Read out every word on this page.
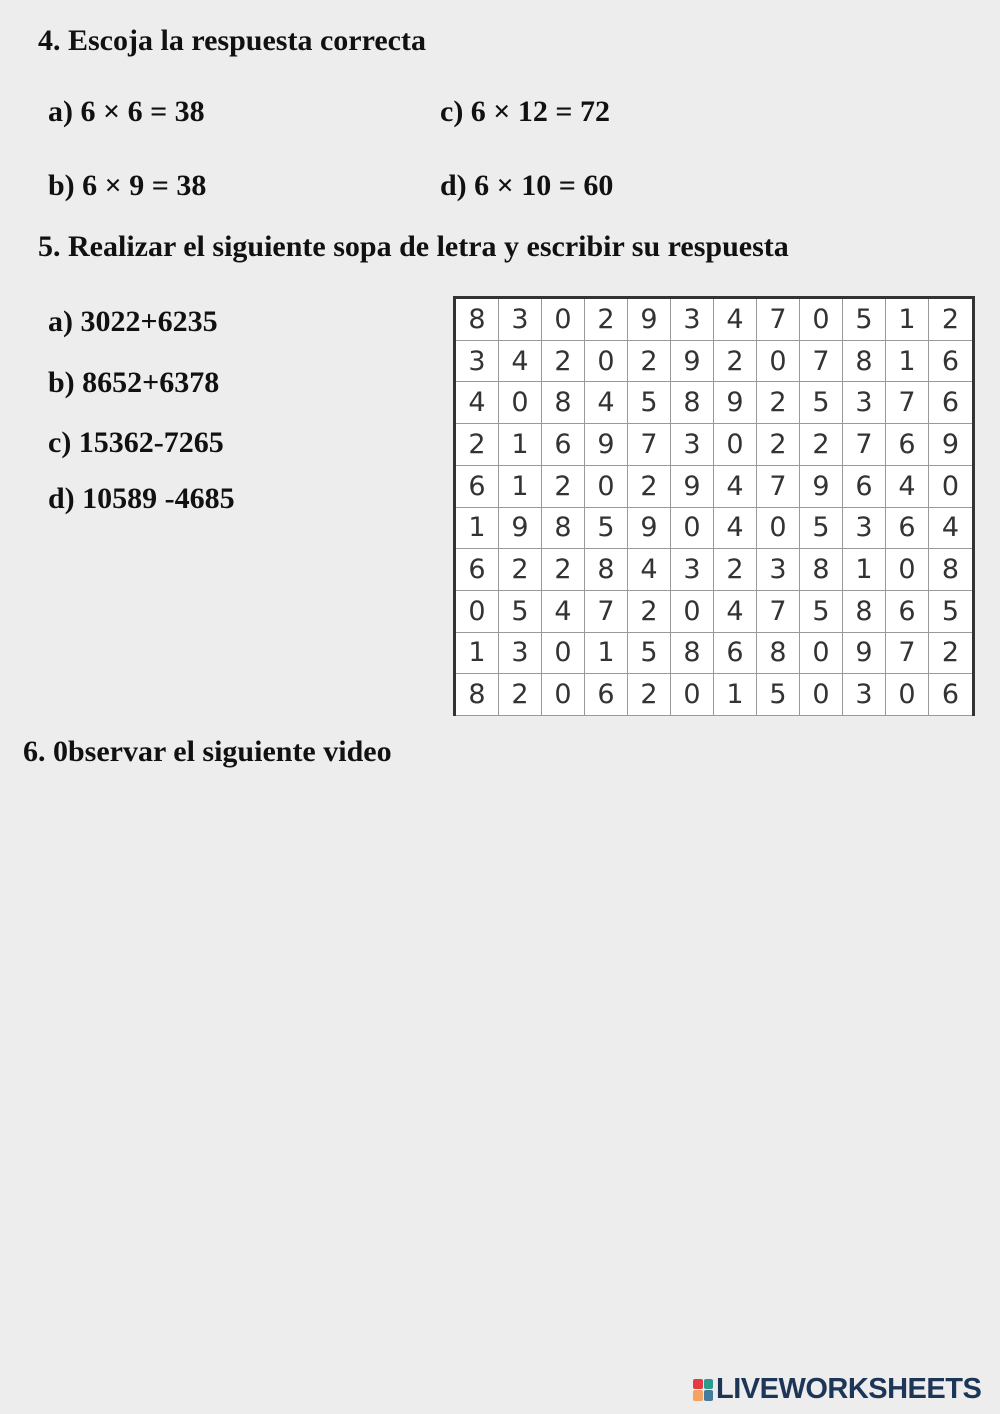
4. Escoja la respuesta correcta
a) 6 × 6 = 38	c) 6 × 12 = 72
b) 6 × 9 = 38	d) 6 × 10 = 60
5. Realizar el siguiente sopa de letra y escribir su respuesta
a) 3022+6235
b) 8652+6378
c) 15362-7265
d) 10589 -4685
8 3 0 2 9 3 4 7 0 5 1 2
3 4 2 0 2 9 2 0 7 8 1 6
4 0 8 4 5 8 9 2 5 3 7 6
2 1 6 9 7 3 0 2 2 7 6 9
6 1 2 0 2 9 4 7 9 6 4 0
1 9 8 5 9 0 4 0 5 3 6 4
6 2 2 8 4 3 2 3 8 1 0 8
0 5 4 7 2 0 4 7 5 8 6 5
1 3 0 1 5 8 6 8 0 9 7 2
8 2 0 6 2 0 1 5 0 3 0 6
6. 0bservar el siguiente video
LIVEWORKSHEETS
